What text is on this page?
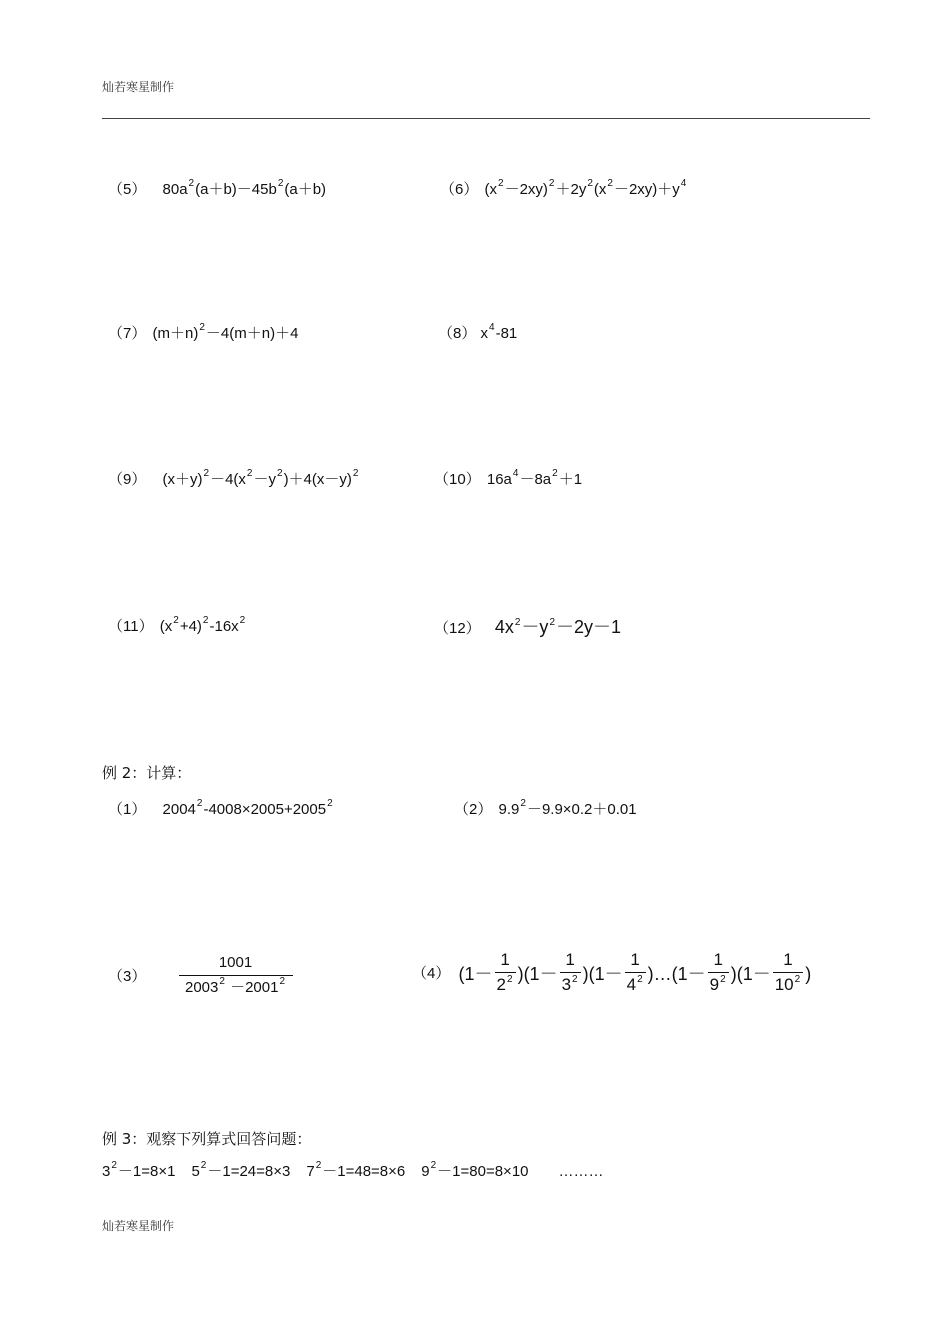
灿若寒星制作
（5） $80a^2(a+b)-45b^2(a+b)$	（6） $(x^2-2xy)^2+2y^2(x^2-2xy)+y^4$
（7） $(m+n)^2-4(m+n)+4$	（8） $x^4-81$
（9） $(x+y)^2-4(x^2-y^2)+4(x-y)^2$	（10） $16a^4-8a^2+1$
（11） $(x^2+4)^2-16x^2$	（12） $4x^2-y^2-2y-1$
例 2：计算：
（1） $2004^2-4008\times 2005+2005^2$	（2） $9.9^2-9.9\times 0.2+0.01$
$(3) \frac{1001}{2003^2 -2001^2}$	（4） $(1- \frac{1}{2^2} )(1- \frac{1}{3^2} )(1- \frac{1}{4^2}$ )…(1－ $\frac{1}{9^2} )(1- \frac{1}{10^2}$ )
例 3：观察下列算式回答问题：
$3^2-1=8\times 1$ $5^2-1=24=8\times 3$ $7^2-1=48=8\times 6$ $9^2-1=80=8\times 10$ ………
灿若寒星制作
